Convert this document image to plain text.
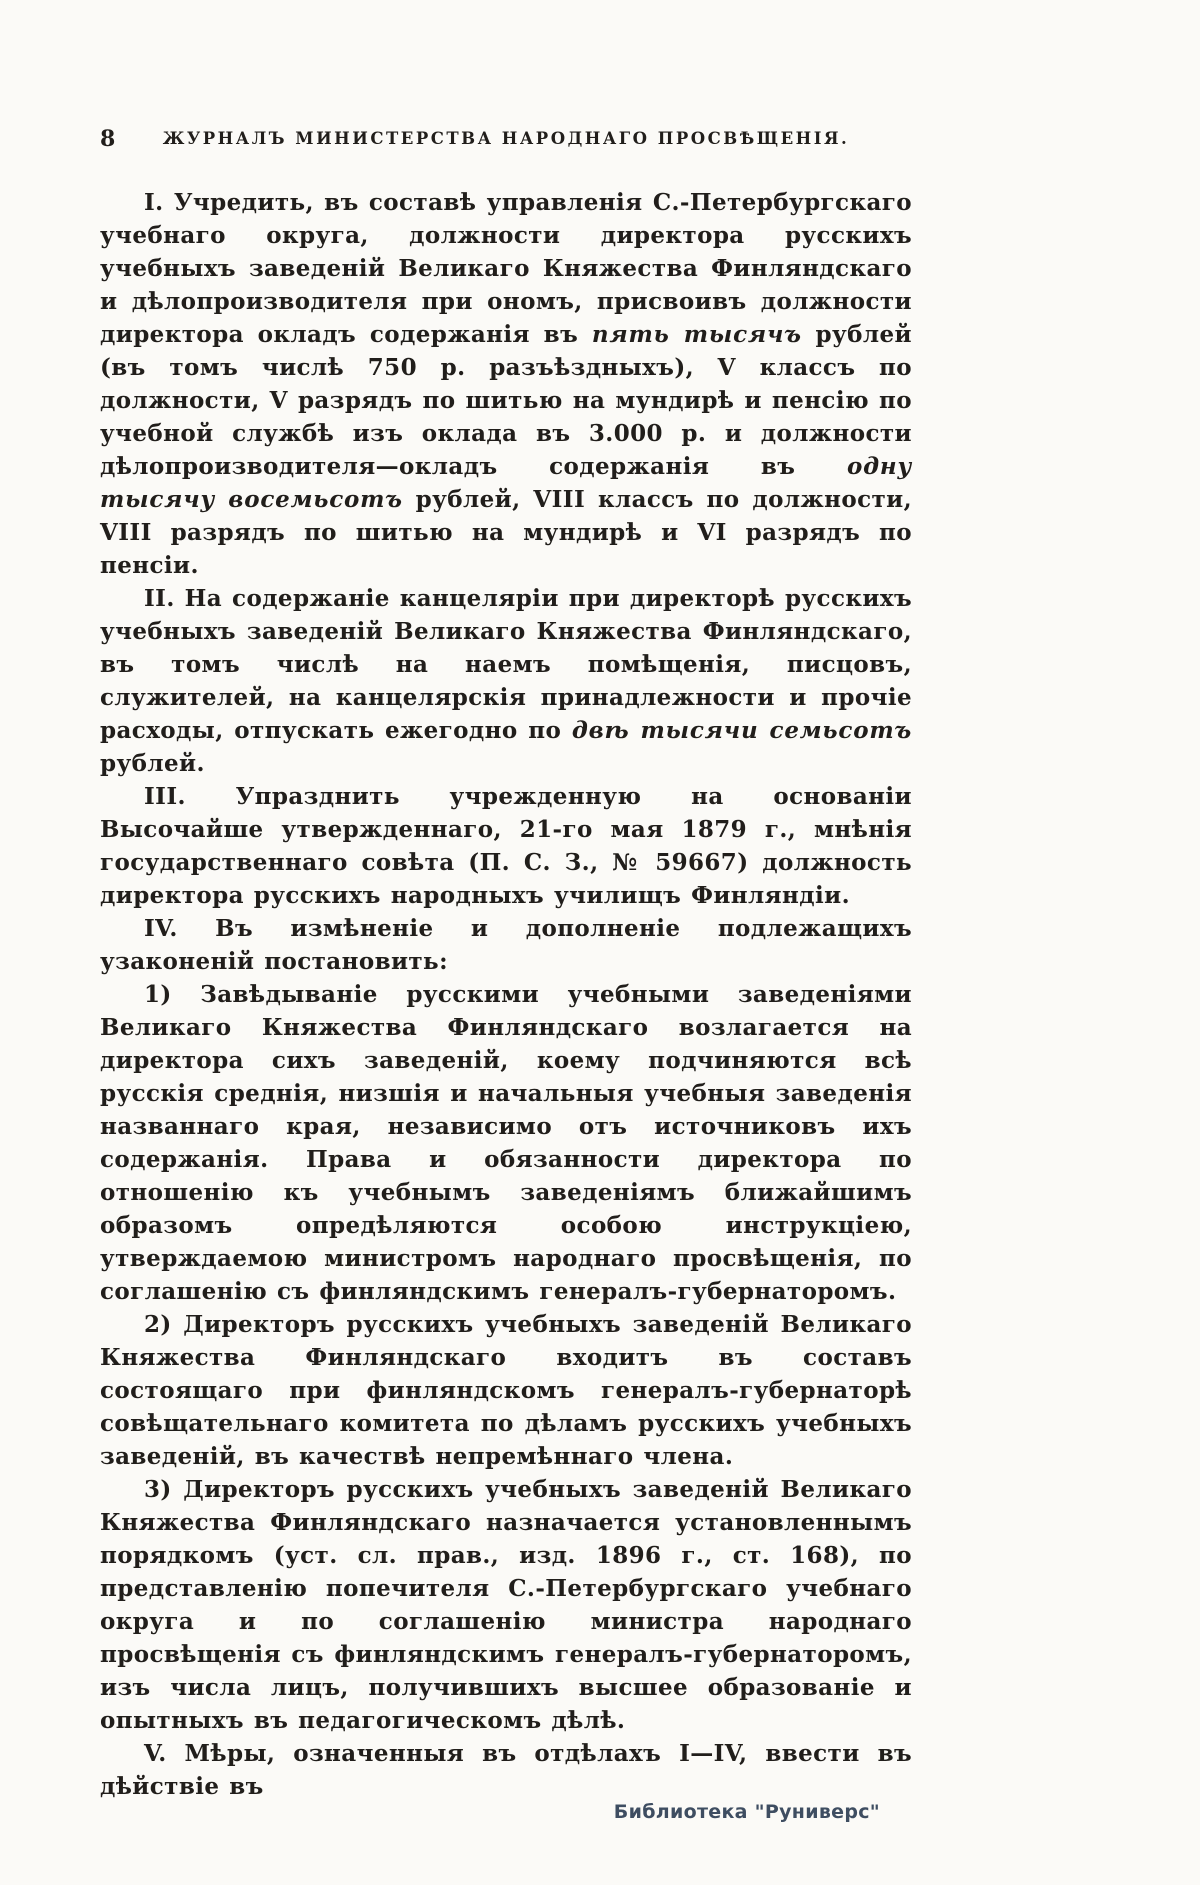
8	ЖУРНАЛЪ МИНИСТЕРСТВА НАРОДНАГО ПРОСВѢЩЕНІЯ.

I. Учредить, въ составѣ управленія С.-Петербургскаго учебнаго округа, должности директора русскихъ учебныхъ заведеній Великаго Княжества Финляндскаго и дѣлопроизводителя при ономъ, присвоивъ должности директора окладъ содержанія въ пять тысячъ рублей (въ томъ числѣ 750 р. разъѣздныхъ), V классъ по должности, V разрядъ по шитью на мундирѣ и пенсію по учебной службѣ изъ оклада въ 3.000 р. и должности дѣлопроизводителя—окладъ содержанія въ одну тысячу восемьсотъ рублей, VIII классъ по должности, VIII разрядъ по шитью на мундирѣ и VI разрядъ по пенсіи.

II. На содержаніе канцеляріи при директорѣ русскихъ учебныхъ заведеній Великаго Княжества Финляндскаго, въ томъ числѣ на наемъ помѣщенія, писцовъ, служителей, на канцелярскія принадлежности и прочіе расходы, отпускать ежегодно по двѣ тысячи семьсотъ рублей.

III. Упразднить учрежденную на основаніи Высочайше утвержденнаго, 21-го мая 1879 г., мнѣнія государственнаго совѣта (П. С. З., № 59667) должность директора русскихъ народныхъ училищъ Финляндіи.

IV. Въ измѣненіе и дополненіе подлежащихъ узаконеній постановить:

1) Завѣдываніе русскими учебными заведеніями Великаго Княжества Финляндскаго возлагается на директора сихъ заведеній, коему подчиняются всѣ русскія среднія, низшія и начальныя учебныя заведенія названнаго края, независимо отъ источниковъ ихъ содержанія. Права и обязанности директора по отношенію къ учебнымъ заведеніямъ ближайшимъ образомъ опредѣляются особою инструкціею, утверждаемою министромъ народнаго просвѣщенія, по соглашенію съ финляндскимъ генералъ-губернаторомъ.

2) Директоръ русскихъ учебныхъ заведеній Великаго Княжества Финляндскаго входитъ въ составъ состоящаго при финляндскомъ генералъ-губернаторѣ совѣщательнаго комитета по дѣламъ русскихъ учебныхъ заведеній, въ качествѣ непремѣннаго члена.

3) Директоръ русскихъ учебныхъ заведеній Великаго Княжества Финляндскаго назначается установленнымъ порядкомъ (уст. сл. прав., изд. 1896 г., ст. 168), по представленію попечителя С.-Петербургскаго учебнаго округа и по соглашенію министра народнаго просвѣщенія съ финляндскимъ генералъ-губернаторомъ, изъ числа лицъ, получившихъ высшее образованіе и опытныхъ въ педагогическомъ дѣлѣ.

V. Мѣры, означенныя въ отдѣлахъ I—IV, ввести въ дѣйствіе въ

Библиотека "Руниверс"
